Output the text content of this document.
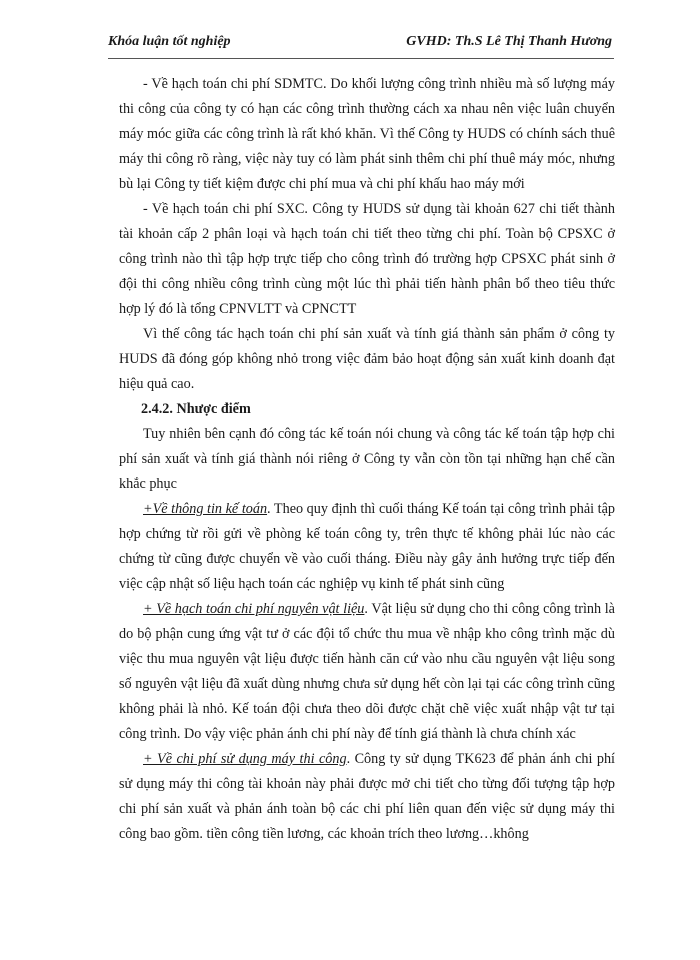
Khóa luận tốt nghiệp	GVHD: Th.S Lê Thị Thanh Hương

- Về hạch toán chi phí SDMTC. Do khối lượng công trình nhiều mà số lượng máy thi công của công ty có hạn các công trình thường cách xa nhau nên việc luân chuyển máy móc giữa các công trình là rất khó khăn. Vì thế Công ty HUDS có chính sách thuê máy thi công rõ ràng, việc này tuy có làm phát sinh thêm chi phí thuê máy móc, nhưng bù lại Công ty tiết kiệm được chi phí mua và chi phí khấu hao máy mới

- Về hạch toán chi phí SXC. Công ty HUDS sử dụng tài khoản 627 chi tiết thành tài khoản cấp 2 phân loại và hạch toán chi tiết theo từng chi phí. Toàn bộ CPSXC ở công trình nào thì tập hợp trực tiếp cho công trình đó trường hợp CPSXC phát sinh ở đội thi công nhiều công trình cùng một lúc thì phải tiến hành phân bổ theo tiêu thức hợp lý đó là tổng CPNVLTT và CPNCTT

Vì thế công tác hạch toán chi phí sản xuất và tính giá thành sản phẩm ở công ty HUDS đã đóng góp không nhỏ trong việc đảm bảo hoạt động sản xuất kinh doanh đạt hiệu quả cao.

2.4.2. Nhược điểm

Tuy nhiên bên cạnh đó công tác kế toán nói chung và công tác kế toán tập hợp chi phí sản xuất và tính giá thành nói riêng ở Công ty vẫn còn tồn tại những hạn chế cần khắc phục

+Về thông tin kế toán. Theo quy định thì cuối tháng Kế toán tại công trình phải tập hợp chứng từ rồi gửi về phòng kế toán công ty, trên thực tế không phải lúc nào các chứng từ cũng được chuyển về vào cuối tháng. Điều này gây ảnh hưởng trực tiếp đến việc cập nhật số liệu hạch toán các nghiệp vụ kinh tế phát sinh cũng

+ Về hạch toán chi phí nguyên vật liệu. Vật liệu sử dụng cho thi công công trình là do bộ phận cung ứng vật tư ở các đội tổ chức thu mua về nhập kho công trình mặc dù việc thu mua nguyên vật liệu được tiến hành căn cứ vào nhu cầu nguyên vật liệu song số nguyên vật liệu đã xuất dùng nhưng chưa sử dụng hết còn lại tại các công trình cũng không phải là nhỏ. Kế toán đội chưa theo dõi được chặt chẽ việc xuất nhập vật tư tại công trình. Do vậy việc phản ánh chi phí này để tính giá thành là chưa chính xác

+ Về chi phí sử dụng máy thi công. Công ty sử dụng TK623 để phản ánh chi phí sử dụng máy thi công tài khoản này phải được mở chi tiết cho từng đối tượng tập hợp chi phí sản xuất và phản ánh toàn bộ các chi phí liên quan đến việc sử dụng máy thi công bao gồm. tiền công tiền lương, các khoản trích theo lương…không
